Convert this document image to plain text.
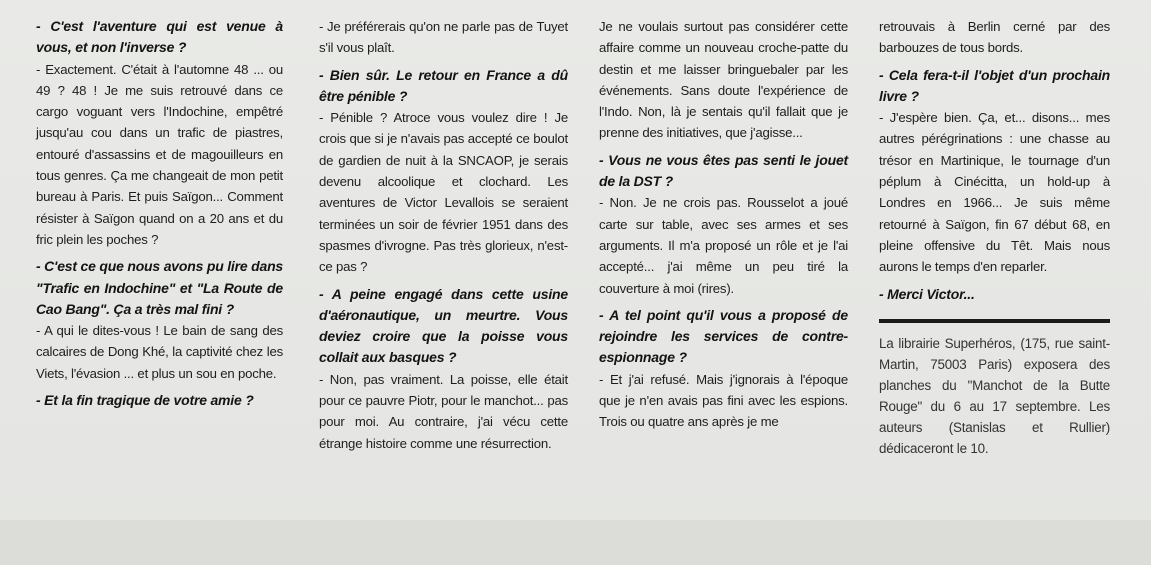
- C'est l'aventure qui est venue à vous, et non l'inverse ?

- Exactement. C'était à l'automne 48 ... ou 49 ? 48 ! Je me suis retrouvé dans ce cargo voguant vers l'Indochine, empêtré jusqu'au cou dans un trafic de piastres, entouré d'assassins et de magouilleurs en tous genres. Ça me changeait de mon petit bureau à Paris. Et puis Saïgon... Comment résister à Saïgon quand on a 20 ans et du fric plein les poches ?

- C'est ce que nous avons pu lire dans "Trafic en Indochine" et "La Route de Cao Bang". Ça a très mal fini ?

- A qui le dites-vous ! Le bain de sang des calcaires de Dong Khé, la captivité chez les Viets, l'évasion ... et plus un sou en poche.

- Et la fin tragique de votre amie ?

- Je préférerais qu'on ne parle pas de Tuyet s'il vous plaît.

- Bien sûr. Le retour en France a dû être pénible ?

- Pénible ? Atroce vous voulez dire ! Je crois que si je n'avais pas accepté ce boulot de gardien de nuit à la SNCAOP, je serais devenu alcoolique et clochard. Les aventures de Victor Levallois se seraient terminées un soir de février 1951 dans des spasmes d'ivrogne. Pas très glorieux, n'est-ce pas ?

- A peine engagé dans cette usine d'aéronautique, un meurtre. Vous deviez croire que la poisse vous collait aux basques ?

- Non, pas vraiment. La poisse, elle était pour ce pauvre Piotr, pour le manchot... pas pour moi. Au contraire, j'ai vécu cette étrange histoire comme une résurrection.

Je ne voulais surtout pas considérer cette affaire comme un nouveau croche-patte du destin et me laisser bringuebaler par les événements. Sans doute l'expérience de l'Indo. Non, là je sentais qu'il fallait que je prenne des initiatives, que j'agisse...

- Vous ne vous êtes pas senti le jouet de la DST ?

- Non. Je ne crois pas. Rousselot a joué carte sur table, avec ses armes et ses arguments. Il m'a proposé un rôle et je l'ai accepté... j'ai même un peu tiré la couverture à moi (rires).

- A tel point qu'il vous a proposé de rejoindre les services de contre-espionnage ?

- Et j'ai refusé. Mais j'ignorais à l'époque que je n'en avais pas fini avec les espions. Trois ou quatre ans après je me

retrouvais à Berlin cerné par des barbouzes de tous bords.

- Cela fera-t-il l'objet d'un prochain livre ?

- J'espère bien. Ça, et... disons... mes autres pérégrinations : une chasse au trésor en Martinique, le tournage d'un péplum à Cinécitta, un hold-up à Londres en 1966... Je suis même retourné à Saïgon, fin 67 début 68, en pleine offensive du Têt. Mais nous aurons le temps d'en reparler.

- Merci Victor...

La librairie Superhéros, (175, rue saint-Martin, 75003 Paris) exposera des planches du "Manchot de la Butte Rouge" du 6 au 17 septembre. Les auteurs (Stanislas et Rullier) dédicaceront le 10.
